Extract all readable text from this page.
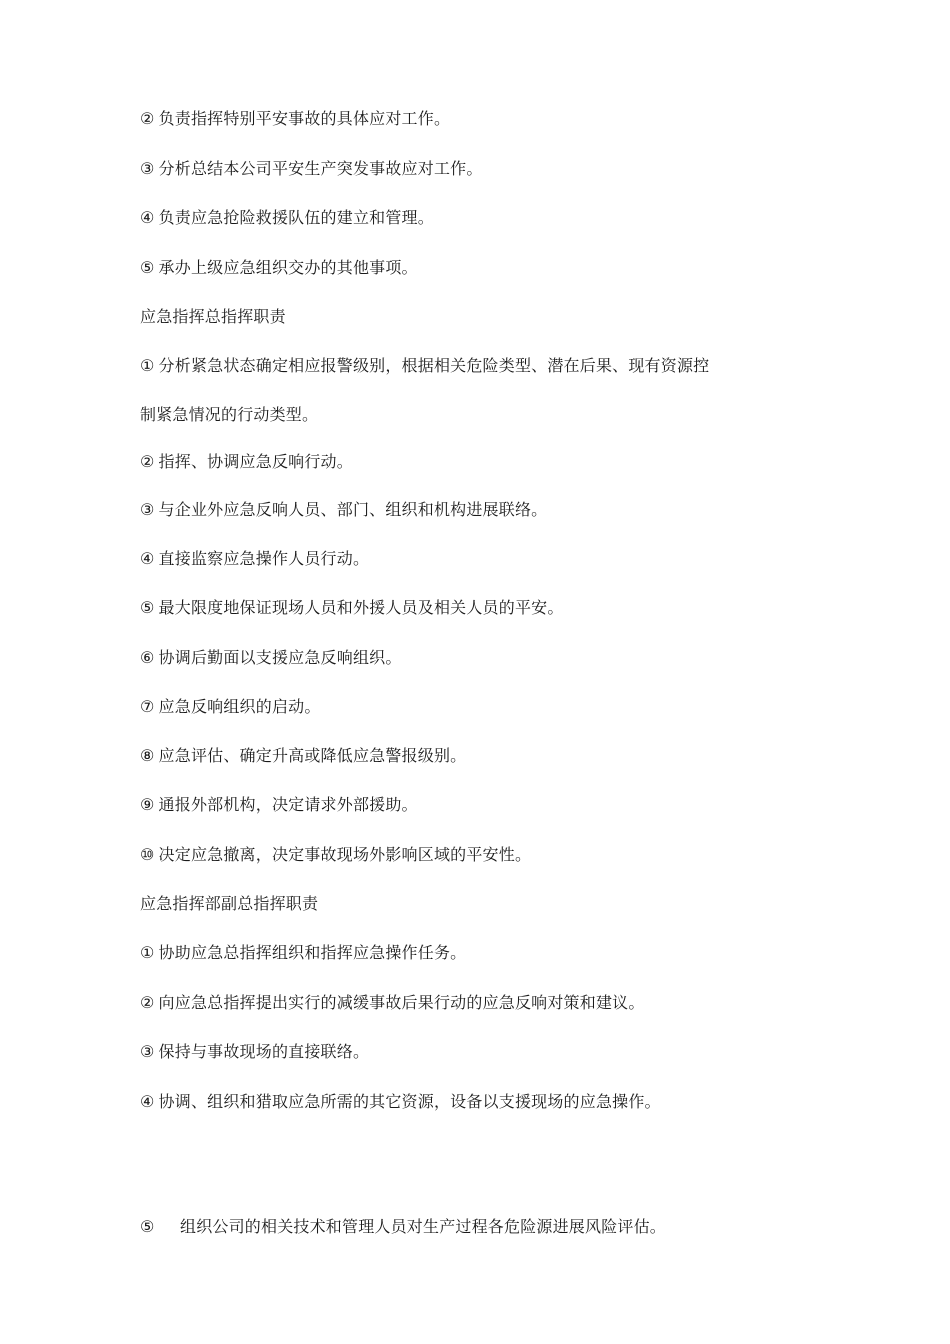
② 负责指挥特别平安事故的具体应对工作。
③ 分析总结本公司平安生产突发事故应对工作。
④ 负责应急抢险救援队伍的建立和管理。
⑤ 承办上级应急组织交办的其他事项。
应急指挥总指挥职责
① 分析紧急状态确定相应报警级别，根据相关危险类型、潜在后果、现有资源控
制紧急情况的行动类型。
② 指挥、协调应急反响行动。
③ 与企业外应急反响人员、部门、组织和机构进展联络。
④ 直接监察应急操作人员行动。
⑤ 最大限度地保证现场人员和外援人员及相关人员的平安。
⑥ 协调后勤面以支援应急反响组织。
⑦ 应急反响组织的启动。
⑧ 应急评估、确定升高或降低应急警报级别。
⑨ 通报外部机构，决定请求外部援助。
⑩ 决定应急撤离，决定事故现场外影响区域的平安性。
应急指挥部副总指挥职责
① 协助应急总指挥组织和指挥应急操作任务。
② 向应急总指挥提出实行的减缓事故后果行动的应急反响对策和建议。
③ 保持与事故现场的直接联络。
④ 协调、组织和猎取应急所需的其它资源，设备以支援现场的应急操作。
⑤ 组织公司的相关技术和管理人员对生产过程各危险源进展风险评估。
